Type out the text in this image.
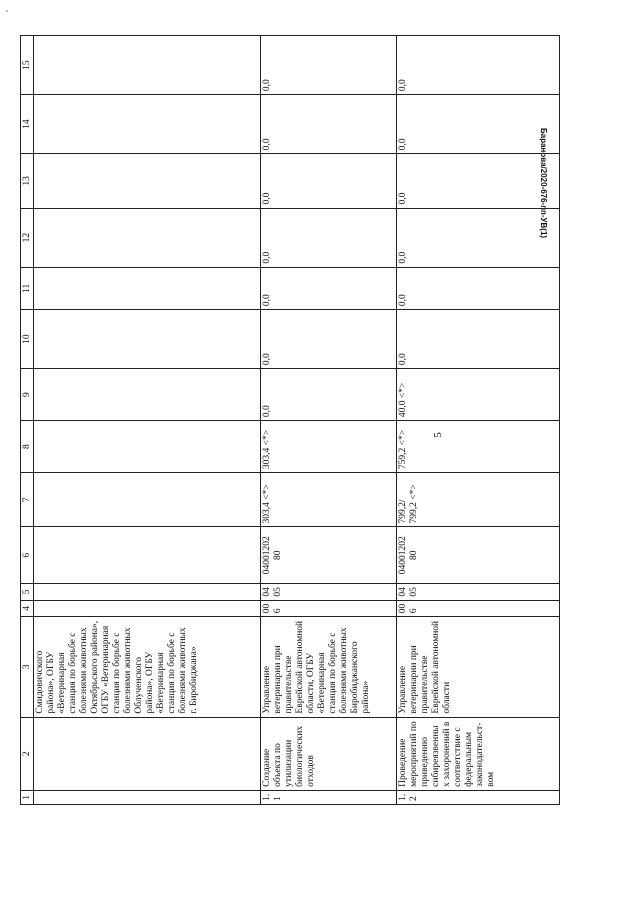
5
Баранова/2020-676-пп-УВ(1)
1	2	3	4	5	6	7	8	9	10	11	12	13	14	15
		Смидовичского района», ОГБУ «Ветеринарная станция по борьбе с болезнями животных Октябрьского района», ОГБУ «Ветеринарная станция по борьбе с болезнями животных Облученского района», ОГБУ «Ветеринарная станция по борьбе с болезнями животных г. Биробиджана»												
1.1	Создание объекта по утилизации биологических отходов	Управление ветеринарии при правительстве Еврейской автономной области, ОГБУ «Ветеринарная станция по борьбе с болезнями животных Биробиджанского района»	006	0405	04001202 80	303,4 <*>	303,4 <*>	0,0	0,0	0,0	0,0	0,0	0,0	0,0
1.2	Проведение мероприятий по приведению сибиреязвенных захоронений в соответствие с федеральным законодательст- вом	Управление ветеринарии при правительстве Еврейской автономной области	006	0405	04001202 80	799,2/ 799,2 <*>	759,2 <*>	40,0 <*>	0,0	0,0	0,0	0,0	0,0	0,0
